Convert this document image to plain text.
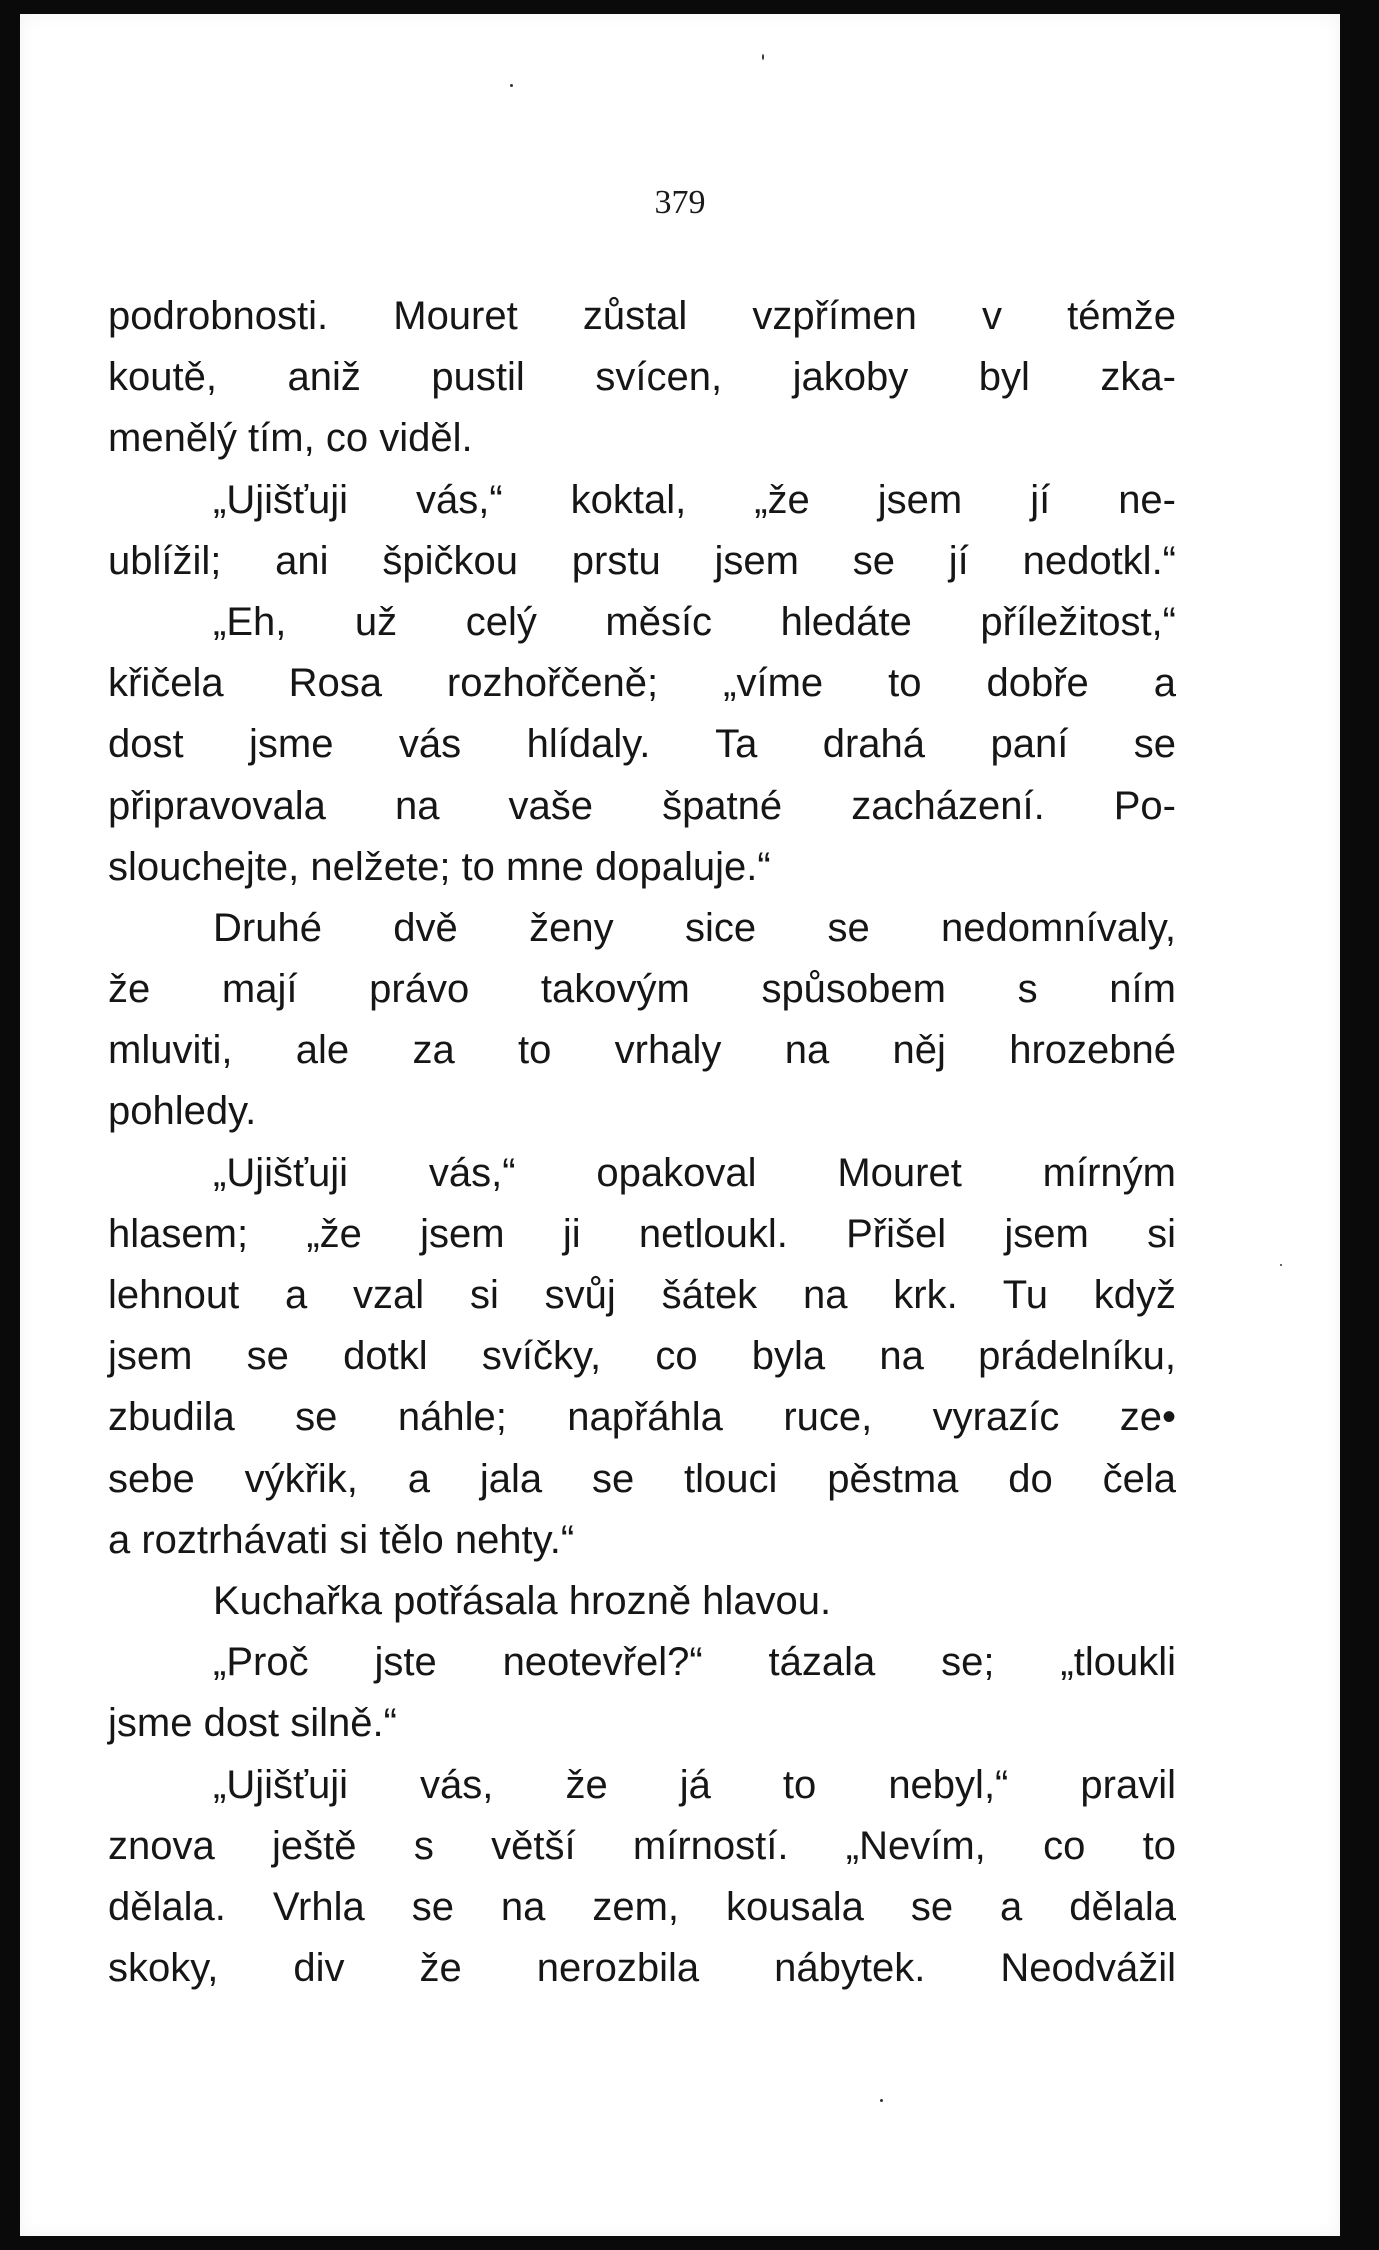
379
podrobnosti. Mouret zůstal vzpřímen v témže
koutě, aniž pustil svícen, jakoby byl zka-
menělý tím, co viděl.
„Ujišťuji vás,“ koktal, „že jsem jí ne-
ublížil; ani špičkou prstu jsem se jí nedotkl.“
„Eh, už celý měsíc hledáte příležitost,“
křičela Rosa rozhořčeně; „víme to dobře a
dost jsme vás hlídaly. Ta drahá paní se
připravovala na vaše špatné zacházení. Po-
slouchejte, nelžete; to mne dopaluje.“
Druhé dvě ženy sice se nedomnívaly,
že mají právo takovým spůsobem s ním
mluviti, ale za to vrhaly na něj hrozebné
pohledy.
„Ujišťuji vás,“ opakoval Mouret mírným
hlasem; „že jsem ji netloukl. Přišel jsem si
lehnout a vzal si svůj šátek na krk. Tu když
jsem se dotkl svíčky, co byla na prádelníku,
zbudila se náhle; napřáhla ruce, vyrazíc ze•
sebe výkřik, a jala se tlouci pěstma do čela
a roztrhávati si tělo nehty.“
Kuchařka potřásala hrozně hlavou.
„Proč jste neotevřel?“ tázala se; „tloukli
jsme dost silně.“
„Ujišťuji vás, že já to nebyl,“ pravil
znova ještě s větší mírností. „Nevím, co to
dělala. Vrhla se na zem, kousala se a dělala
skoky, div že nerozbila nábytek. Neodvážil
